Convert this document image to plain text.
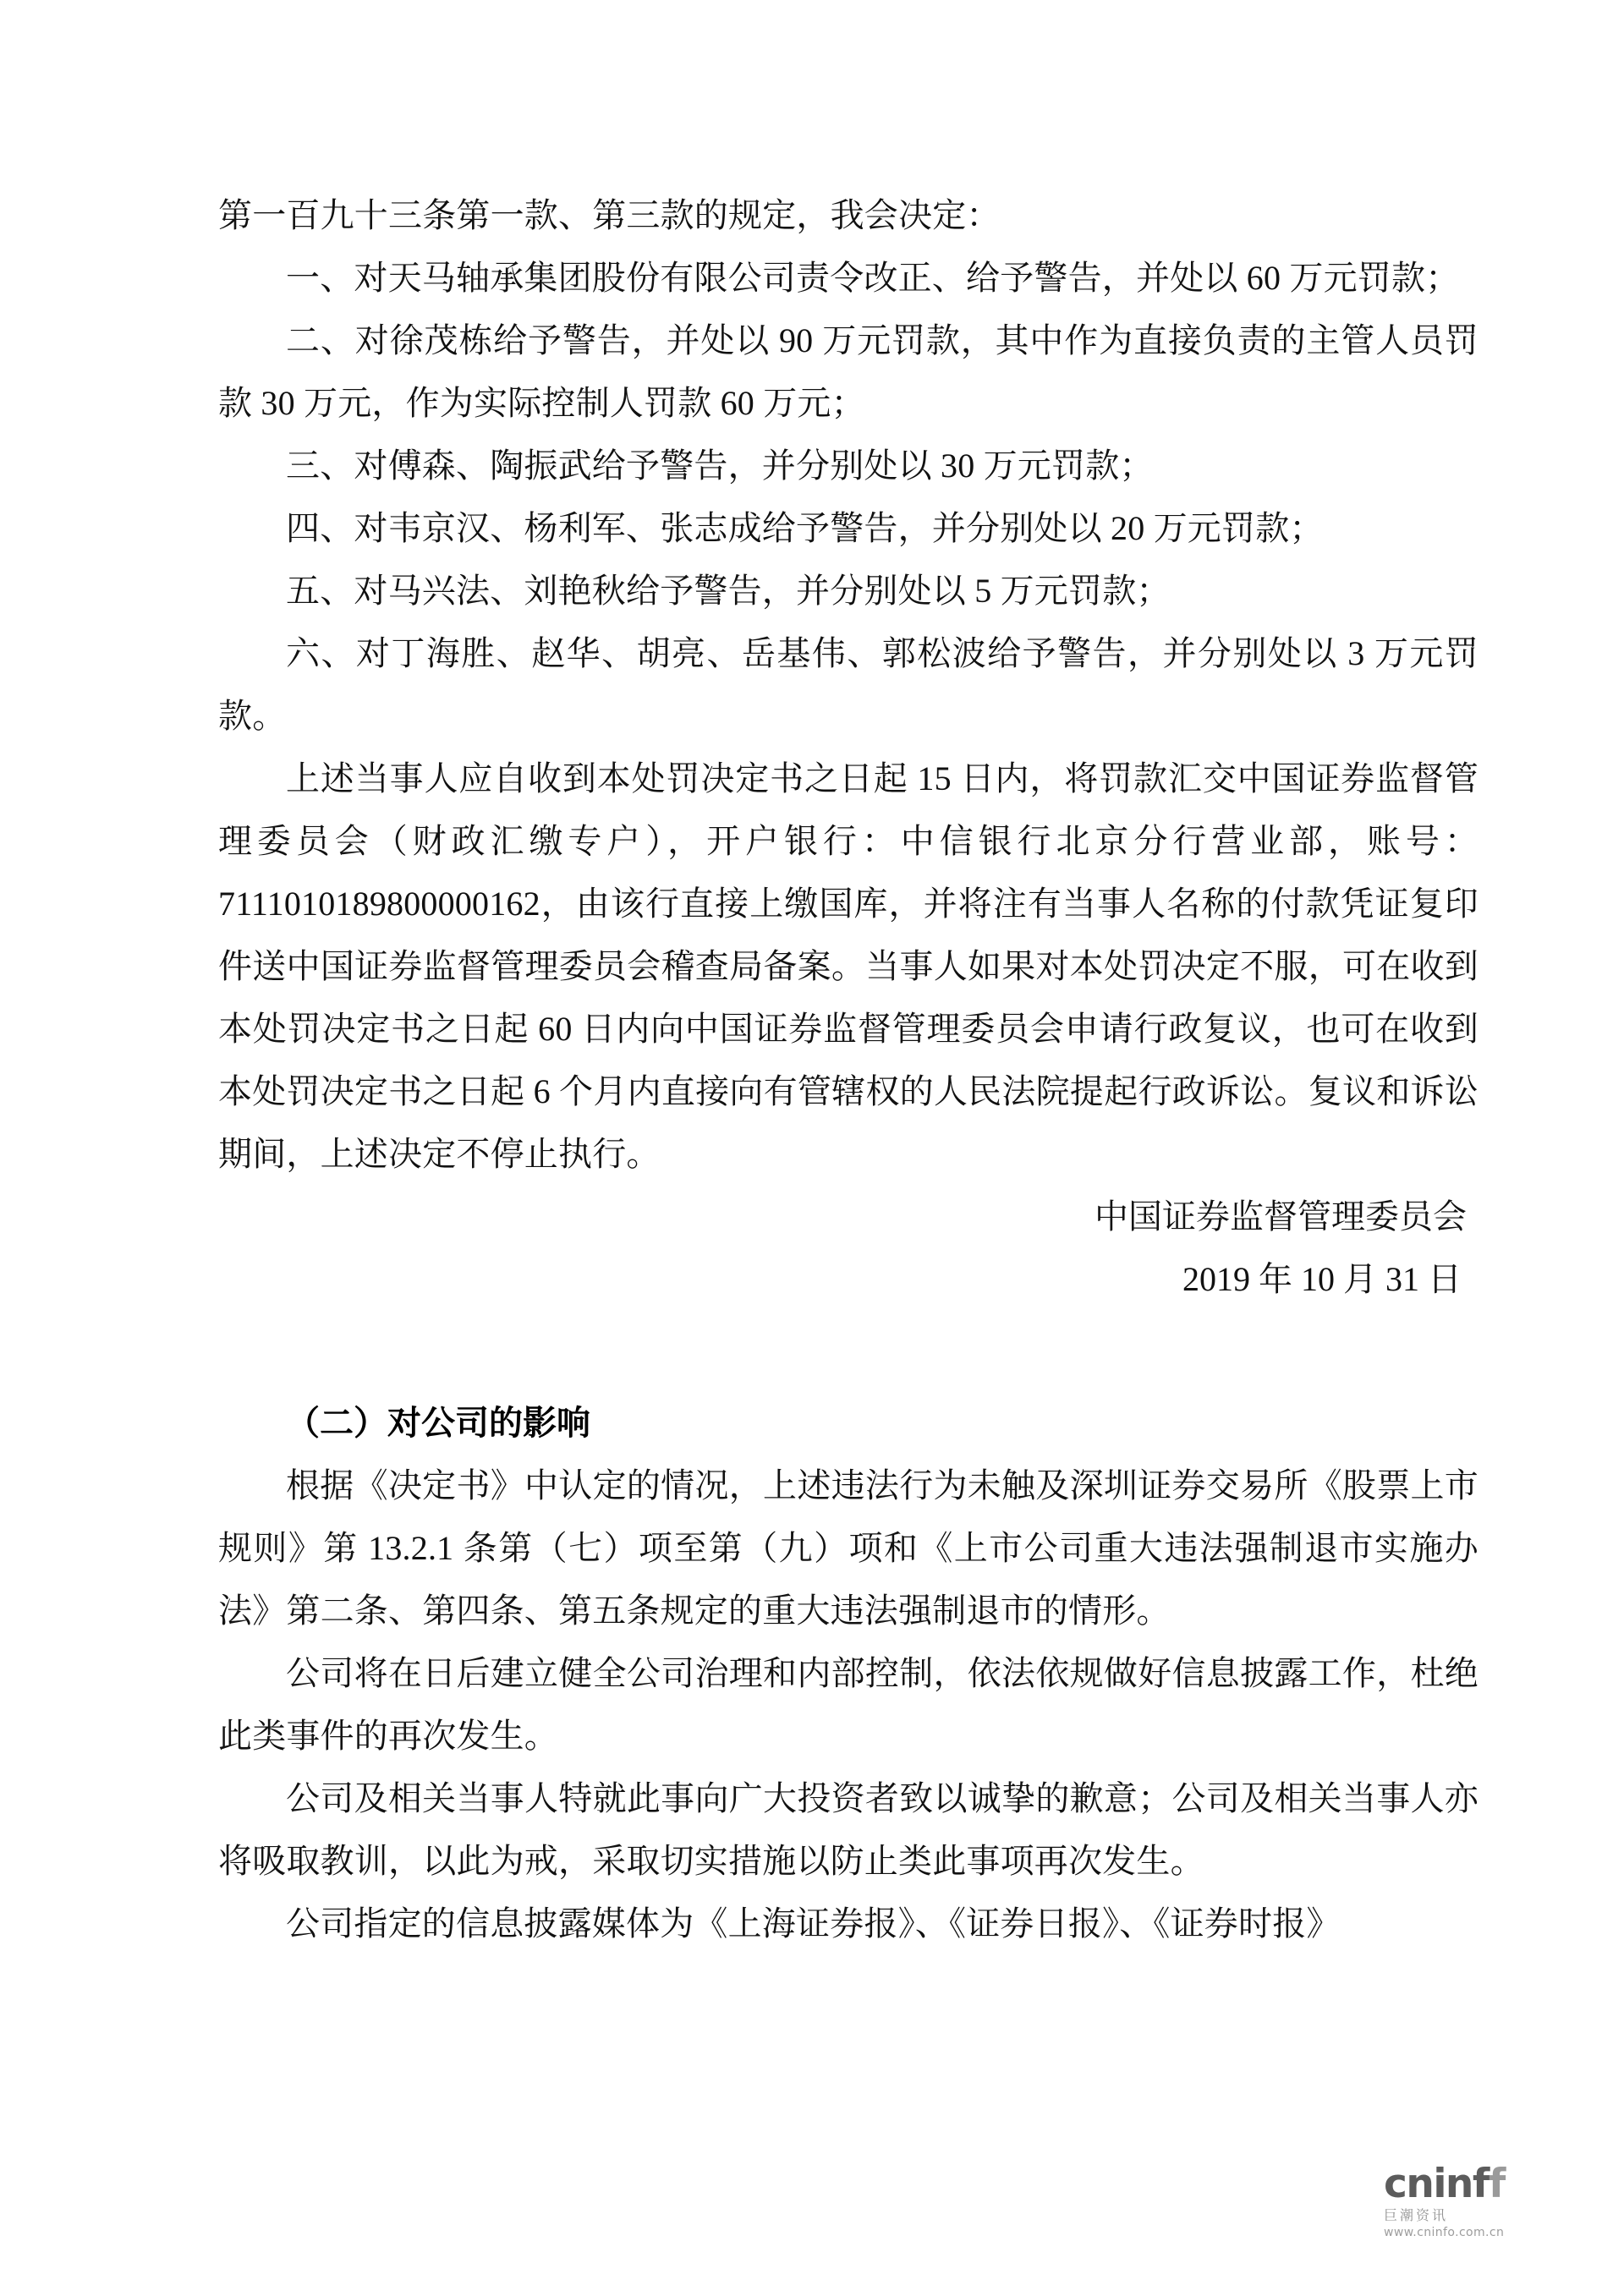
第一百九十三条第一款、第三款的规定，我会决定：

一、对天马轴承集团股份有限公司责令改正、给予警告，并处以 60 万元罚款；

二、对徐茂栋给予警告，并处以 90 万元罚款，其中作为直接负责的主管人员罚款 30 万元，作为实际控制人罚款 60 万元；

三、对傅森、陶振武给予警告，并分别处以 30 万元罚款；

四、对韦京汉、杨利军、张志成给予警告，并分别处以 20 万元罚款；

五、对马兴法、刘艳秋给予警告，并分别处以 5 万元罚款；

六、对丁海胜、赵华、胡亮、岳基伟、郭松波给予警告，并分别处以 3 万元罚款。

上述当事人应自收到本处罚决定书之日起 15 日内，将罚款汇交中国证券监督管理委员会（财政汇缴专户），开户银行：中信银行北京分行营业部，账号：7111010189800000162，由该行直接上缴国库，并将注有当事人名称的付款凭证复印件送中国证券监督管理委员会稽查局备案。当事人如果对本处罚决定不服，可在收到本处罚决定书之日起 60 日内向中国证券监督管理委员会申请行政复议，也可在收到本处罚决定书之日起 6 个月内直接向有管辖权的人民法院提起行政诉讼。复议和诉讼期间，上述决定不停止执行。

中国证券监督管理委员会

2019 年 10 月 31 日

（二）对公司的影响

根据《决定书》中认定的情况，上述违法行为未触及深圳证券交易所《股票上市规则》第 13.2.1 条第（七）项至第（九）项和《上市公司重大违法强制退市实施办法》第二条、第四条、第五条规定的重大违法强制退市的情形。

公司将在日后建立健全公司治理和内部控制，依法依规做好信息披露工作，杜绝此类事件的再次发生。

公司及相关当事人特就此事向广大投资者致以诚挚的歉意；公司及相关当事人亦将吸取教训，以此为戒，采取切实措施以防止类此事项再次发生。

公司指定的信息披露媒体为《上海证券报》、《证券日报》、《证券时报》

cninff
巨潮资讯
www.cninfo.com.cn
